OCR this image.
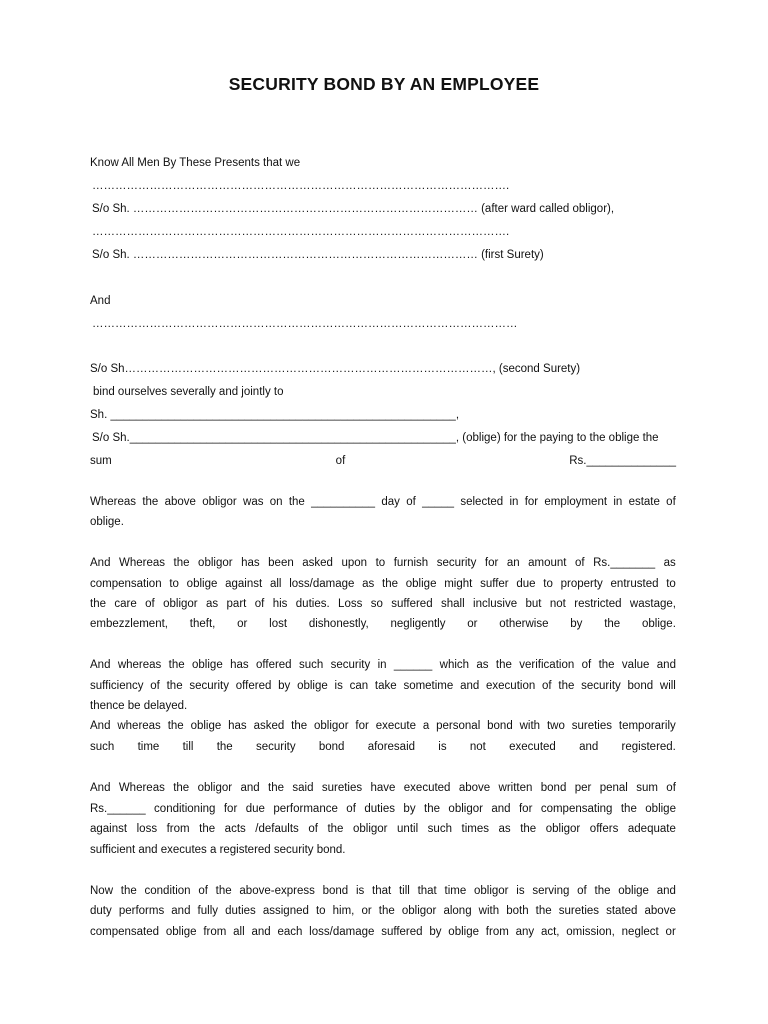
SECURITY BOND BY AN EMPLOYEE
Know All Men By These Presents that we
……………………………………………………………………………………………….
S/o Sh. ……………………………………………………………………………… (after ward called obligor),
……………………………………………………………………………………………….
S/o Sh. ……………………………………………………………………………… (first Surety)
And
…………………………………………………………………………………………………
S/o Sh……………………………………………………………………………………, (second Surety)
bind ourselves severally and jointly to
Sh. ______________________________________________________,
S/o Sh.___________________________________________________, (oblige) for the paying to the oblige the
sum	of	Rs.______________
Whereas the above obligor was on the __________ day of _____ selected in for employment in estate of
oblige.
And Whereas the obligor has been asked upon to furnish security for an amount of Rs._______ as
compensation to oblige against all loss/damage as the oblige might suffer due to property entrusted to
the care of obligor as part of his duties. Loss so suffered shall inclusive but not restricted wastage,
embezzlement, theft, or lost dishonestly, negligently or otherwise by the oblige.
And whereas the oblige has offered such security in ______ which as the verification of the value and
sufficiency of the security offered by oblige is can take sometime and execution of the security bond will
thence be delayed.
And whereas the oblige has asked the obligor for execute a personal bond with two sureties temporarily
such time till the security bond aforesaid is not executed and registered.
And Whereas the obligor and the said sureties have executed above written bond per penal sum of
Rs.______ conditioning for due performance of duties by the obligor and for compensating the oblige
against loss from the acts /defaults of the obligor until such times as the obligor offers adequate
sufficient and executes a registered security bond.
Now the condition of the above-express bond is that till that time obligor is serving of the oblige and
duty performs and fully duties assigned to him, or the obligor along with both the sureties stated above
compensated oblige from all and each loss/damage suffered by oblige from any act, omission, neglect or
